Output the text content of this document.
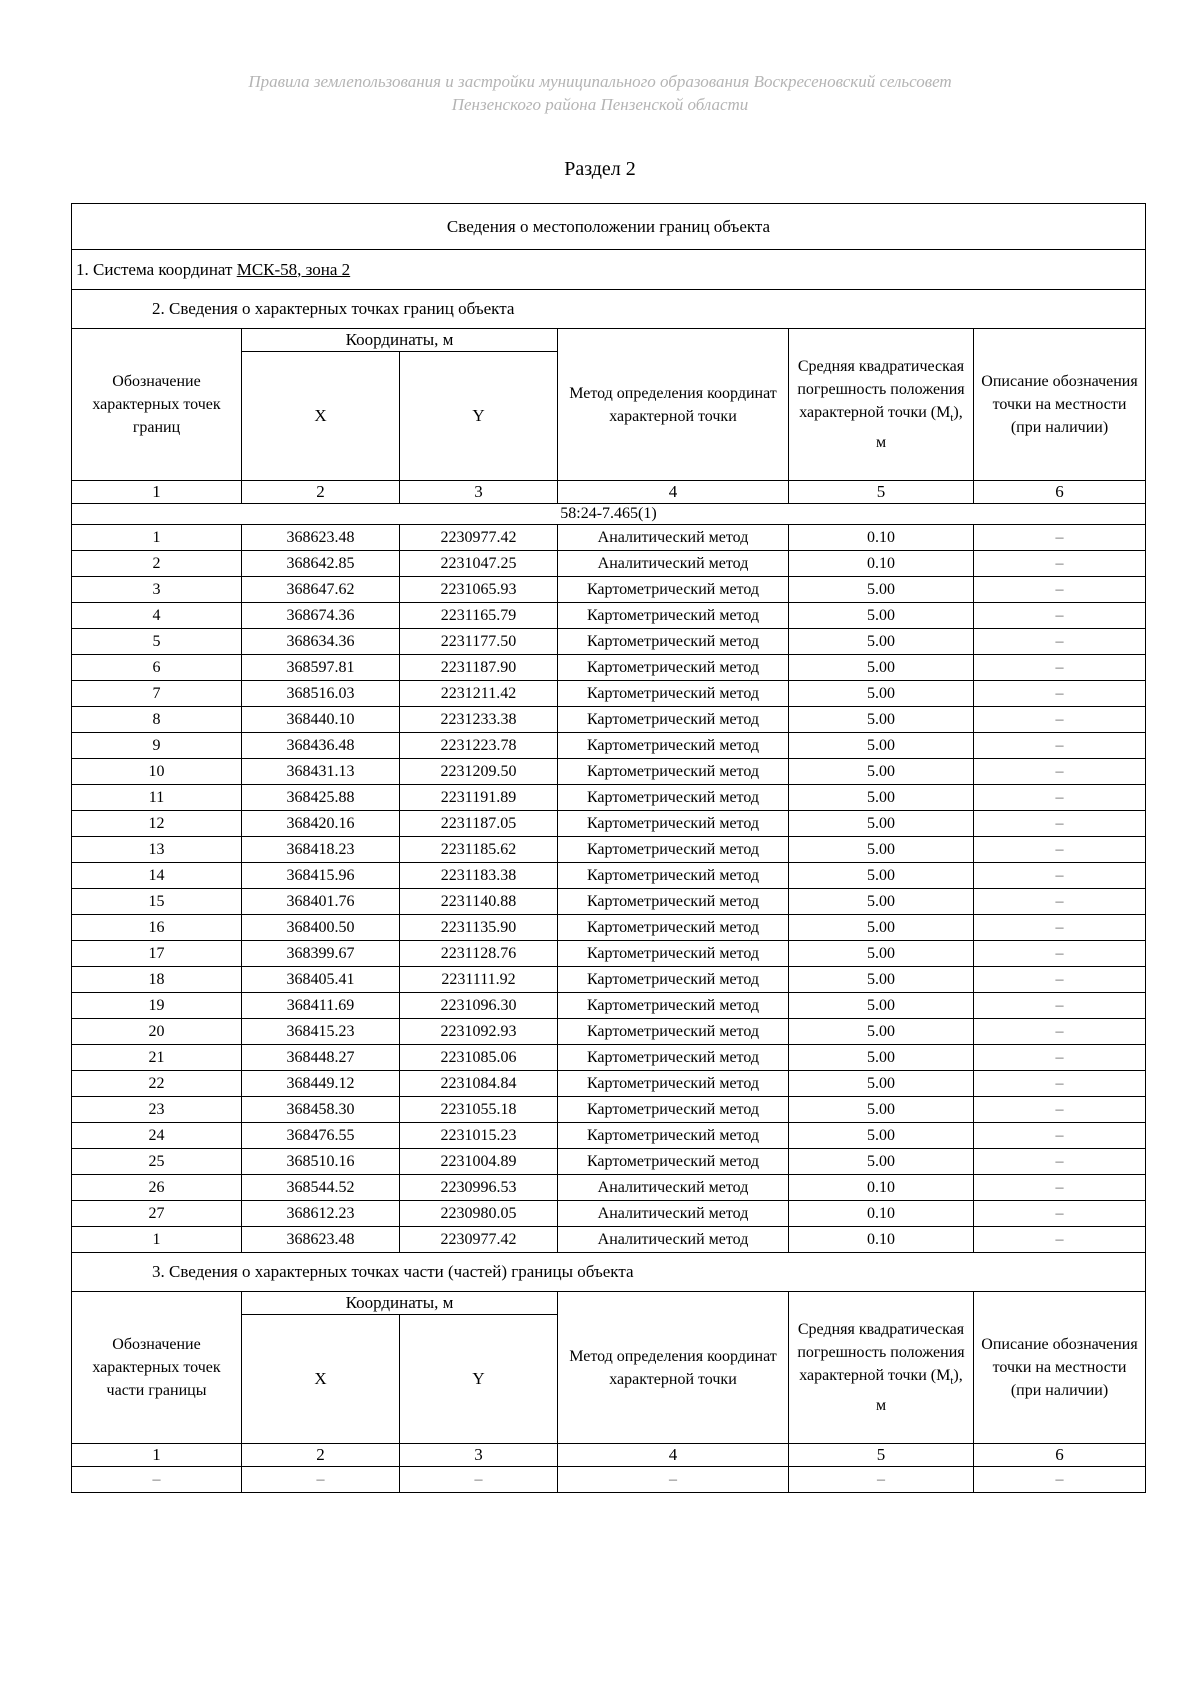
Правила землепользования и застройки муниципального образования Воскресеновский сельсовет
Пензенского района Пензенской области
Раздел 2
Сведения о местоположении границ объекта					
1. Система координат МСК-58, зона 2					
2. Сведения о характерных точках границ объекта					
Обозначение характерных точек границ	Координаты, м		Метод определения координат характерной точки	Средняя квадратическая погрешность положения характерной точки $(M_t)$, м	Описание обозначения точки на местности (при наличии)
	X	Y			
1	2	3	4	5	6
58:24-7.465(1)					
1	368623.48	2230977.42	Аналитический метод	0.10	–
2	368642.85	2231047.25	Аналитический метод	0.10	–
3	368647.62	2231065.93	Картометрический метод	5.00	–
4	368674.36	2231165.79	Картометрический метод	5.00	–
5	368634.36	2231177.50	Картометрический метод	5.00	–
6	368597.81	2231187.90	Картометрический метод	5.00	–
7	368516.03	2231211.42	Картометрический метод	5.00	–
8	368440.10	2231233.38	Картометрический метод	5.00	–
9	368436.48	2231223.78	Картометрический метод	5.00	–
10	368431.13	2231209.50	Картометрический метод	5.00	–
11	368425.88	2231191.89	Картометрический метод	5.00	–
12	368420.16	2231187.05	Картометрический метод	5.00	–
13	368418.23	2231185.62	Картометрический метод	5.00	–
14	368415.96	2231183.38	Картометрический метод	5.00	–
15	368401.76	2231140.88	Картометрический метод	5.00	–
16	368400.50	2231135.90	Картометрический метод	5.00	–
17	368399.67	2231128.76	Картометрический метод	5.00	–
18	368405.41	2231111.92	Картометрический метод	5.00	–
19	368411.69	2231096.30	Картометрический метод	5.00	–
20	368415.23	2231092.93	Картометрический метод	5.00	–
21	368448.27	2231085.06	Картометрический метод	5.00	–
22	368449.12	2231084.84	Картометрический метод	5.00	–
23	368458.30	2231055.18	Картометрический метод	5.00	–
24	368476.55	2231015.23	Картометрический метод	5.00	–
25	368510.16	2231004.89	Картометрический метод	5.00	–
26	368544.52	2230996.53	Аналитический метод	0.10	–
27	368612.23	2230980.05	Аналитический метод	0.10	–
1	368623.48	2230977.42	Аналитический метод	0.10	–
3. Сведения о характерных точках части (частей) границы объекта					
Обозначение характерных точек части границы	Координаты, м		Метод определения координат характерной точки	Средняя квадратическая погрешность положения характерной точки $(M_t)$, м	Описание обозначения точки на местности (при наличии)
	X	Y			
1	2	3	4	5	6
–	–	–	–	–	–
